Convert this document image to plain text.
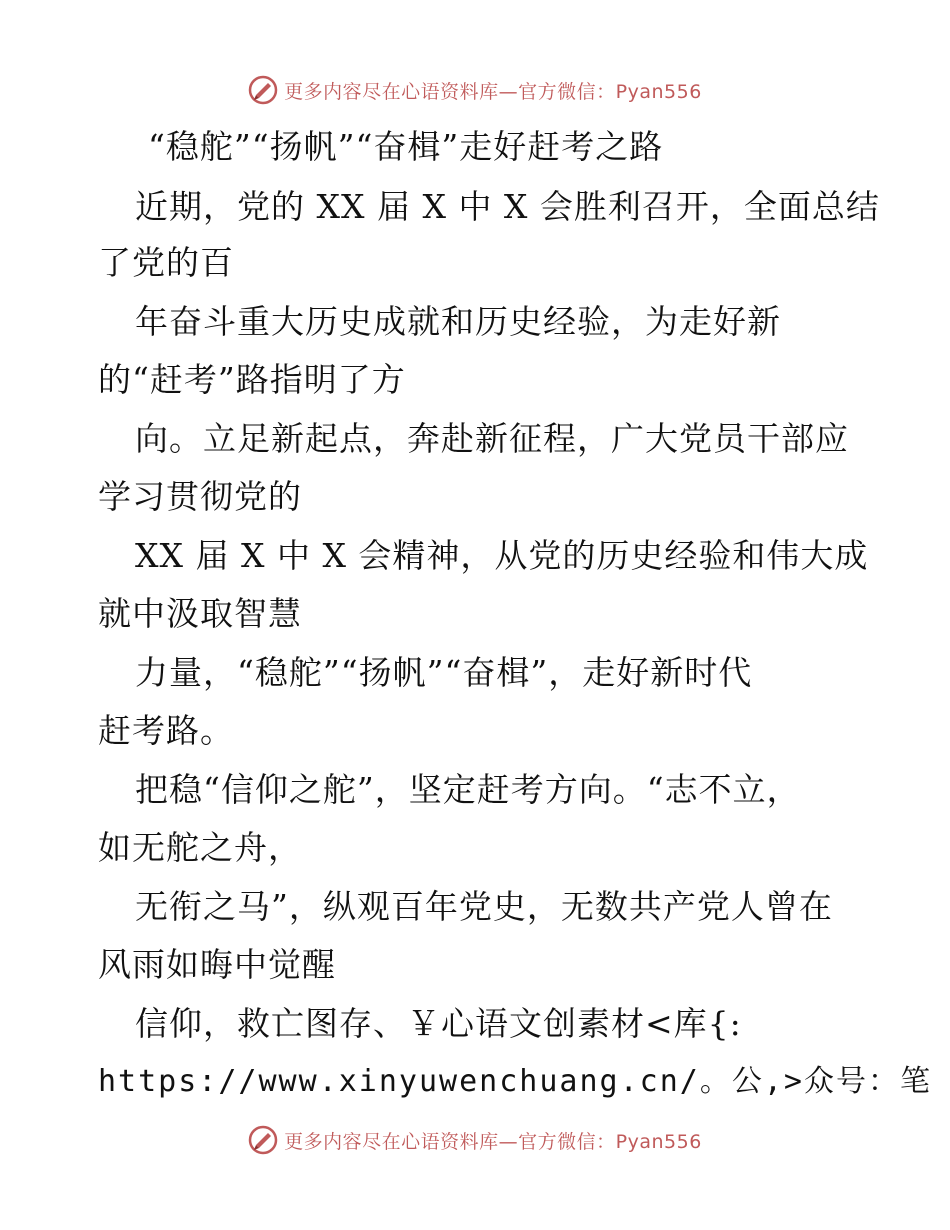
更多内容尽在心语资料库—官方微信：Pyan556
“稳舵”“扬帆”“奋楫”走好赶考之路
近期，党的 XX 届 X 中 X 会胜利召开，全面总结
了党的百
年奋斗重大历史成就和历史经验，为走好新
的“赶考”路指明了方
向。立足新起点，奔赴新征程，广大党员干部应
学习贯彻党的
XX 届 X 中 X 会精神，从党的历史经验和伟大成
就中汲取智慧
力量，“稳舵”“扬帆”“奋楫”，走好新时代
赶考路。
把稳“信仰之舵”，坚定赶考方向。“志不立，
如无舵之舟，
无衔之马”，纵观百年党史，无数共产党人曾在
风雨如晦中觉醒
信仰，救亡图存、￥心语文创素材<库{:
https://www.xinyuwenchuang.cn/。公,>众号：笔
更多内容尽在心语资料库—官方微信：Pyan556
